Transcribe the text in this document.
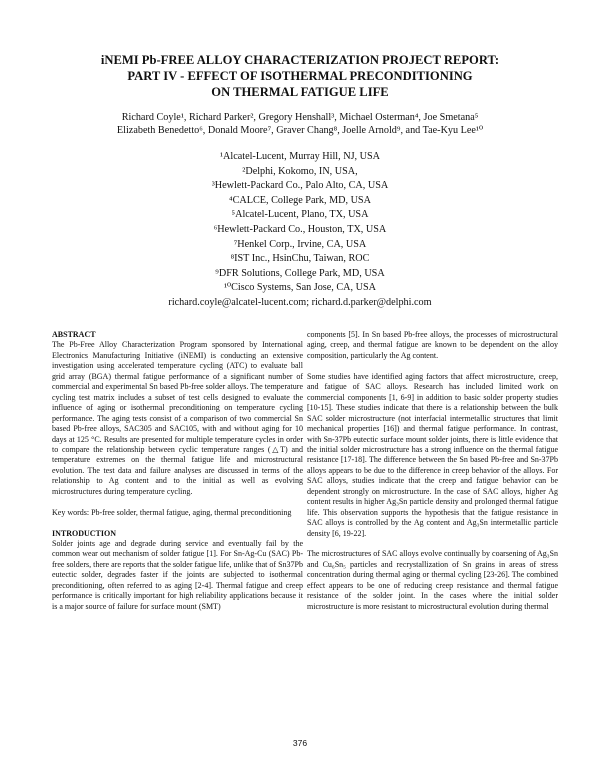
iNEMI Pb-FREE ALLOY CHARACTERIZATION PROJECT REPORT:
PART IV - EFFECT OF ISOTHERMAL PRECONDITIONING
ON THERMAL FATIGUE LIFE
Richard Coyle¹, Richard Parker², Gregory Henshall³, Michael Osterman⁴, Joe Smetana⁵
Elizabeth Benedetto⁶, Donald Moore⁷, Graver Chang⁸, Joelle Arnold⁹, and Tae-Kyu Lee¹⁰
¹Alcatel-Lucent, Murray Hill, NJ, USA
²Delphi, Kokomo, IN, USA,
³Hewlett-Packard Co., Palo Alto, CA, USA
⁴CALCE, College Park, MD, USA
⁵Alcatel-Lucent, Plano, TX, USA
⁶Hewlett-Packard Co., Houston, TX, USA
⁷Henkel Corp., Irvine, CA, USA
⁸IST Inc., HsinChu, Taiwan, ROC
⁹DFR Solutions, College Park, MD, USA
¹⁰Cisco Systems, San Jose, CA, USA
richard.coyle@alcatel-lucent.com; richard.d.parker@delphi.com
ABSTRACT

The Pb-Free Alloy Characterization Program sponsored by International Electronics Manufacturing Initiative (iNEMI) is conducting an extensive investigation using accelerated temperature cycling (ATC) to evaluate ball grid array (BGA) thermal fatigue performance of a significant number of commercial and experimental Sn based Pb-free solder alloys. The temperature cycling test matrix includes a subset of test cells designed to evaluate the influence of aging or isothermal preconditioning on temperature cycling performance. The aging tests consist of a comparison of two commercial Sn based Pb-free alloys, SAC305 and SAC105, with and without aging for 10 days at 125 °C. Results are presented for multiple temperature cycles in order to compare the relationship between cyclic temperature ranges (△T) and temperature extremes on the thermal fatigue life and microstructural evolution. The test data and failure analyses are discussed in terms of the relationship to Ag content and to the initial as well as evolving microstructures during temperature cycling.

Key words: Pb-free solder, thermal fatigue, aging, thermal preconditioning

INTRODUCTION

Solder joints age and degrade during service and eventually fail by the common wear out mechanism of solder fatigue [1]. For Sn-Ag-Cu (SAC) Pb-free solders, there are reports that the solder fatigue life, unlike that of Sn37Pb eutectic solder, degrades faster if the joints are subjected to isothermal preconditioning, often referred to as aging [2-4]. Thermal fatigue and creep performance is critically important for high reliability applications because it is a major source of failure for surface mount (SMT)

components [5]. In Sn based Pb-free alloys, the processes of microstructural aging, creep, and thermal fatigue are known to be dependent on the alloy composition, particularly the Ag content.

Some studies have identified aging factors that affect microstructure, creep, and fatigue of SAC alloys. Research has included limited work on commercial components [1, 6-9] in addition to basic solder property studies [10-15]. These studies indicate that there is a relationship between the bulk SAC solder microstructure (not interfacial intermetallic structures that limit mechanical properties [16]) and thermal fatigue performance. In contrast, with Sn-37Pb eutectic surface mount solder joints, there is little evidence that the initial solder microstructure has a strong influence on the thermal fatigue resistance [17-18]. The difference between the Sn based Pb-free and Sn-37Pb alloys appears to be due to the difference in creep behavior of the alloys. For SAC alloys, studies indicate that the creep and fatigue behavior can be dependent strongly on microstructure. In the case of SAC alloys, higher Ag content results in higher Ag₃Sn particle density and prolonged thermal fatigue life. This observation supports the hypothesis that the fatigue resistance in SAC alloys is controlled by the Ag content and Ag₃Sn intermetallic particle density [6, 19-22].

The microstructures of SAC alloys evolve continually by coarsening of Ag₃Sn and Cu₆Sn₅ particles and recrystallization of Sn grains in areas of stress concentration during thermal aging or thermal cycling [23-26]. The combined effect appears to be one of reducing creep resistance and thermal fatigue resistance of the solder joint. In the cases where the initial solder microstructure is more resistant to microstructural evolution during thermal

376
